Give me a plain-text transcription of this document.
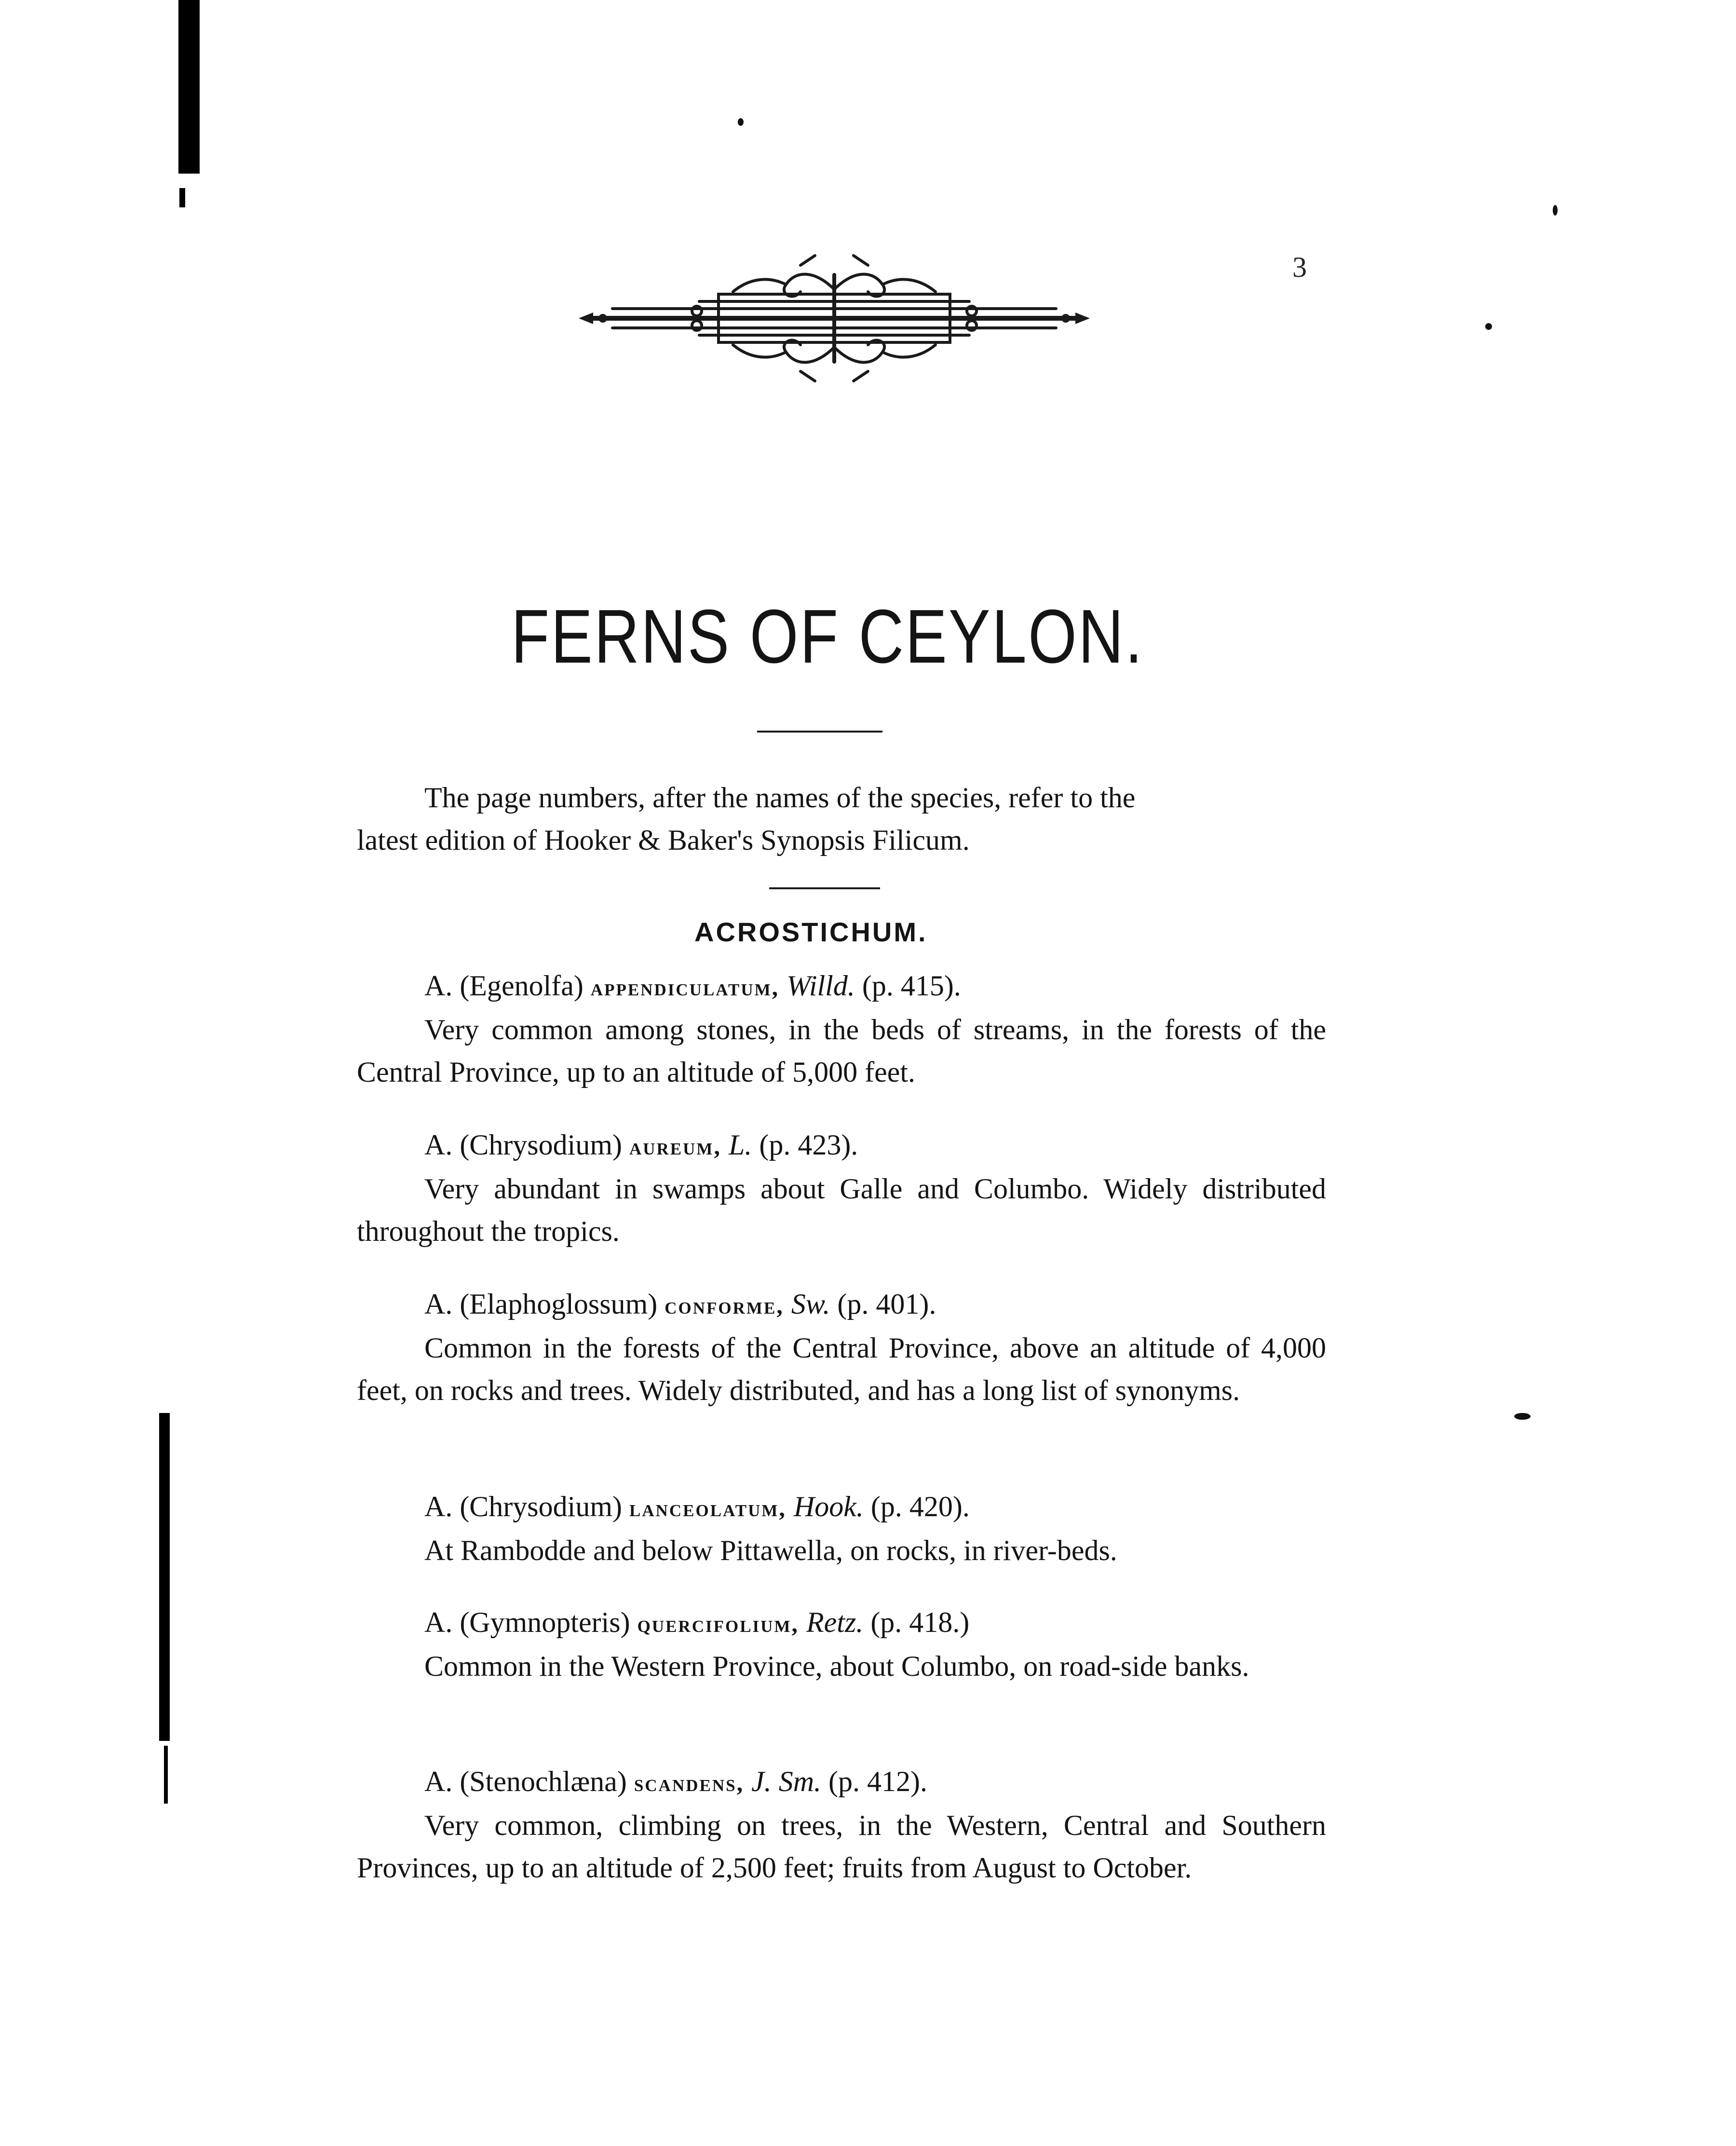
3
FERNS OF CEYLON.

The page numbers, after the names of the species, refer to the
latest edition of Hooker & Baker's Synopsis Filicum.

ACROSTICHUM.

A. (Egenolfa) appendiculatum, Willd. (p. 415).

Very common among stones, in the beds of streams, in the forests of the Central Province, up to an altitude of 5,000 feet.

A. (Chrysodium) aureum, L. (p. 423).

Very abundant in swamps about Galle and Columbo. Widely distributed throughout the tropics.

A. (Elaphoglossum) conforme, Sw. (p. 401).

Common in the forests of the Central Province, above an altitude of 4,000 feet, on rocks and trees. Widely distributed, and has a long list of synonyms.

A. (Chrysodium) lanceolatum, Hook. (p. 420).

At Rambodde and below Pittawella, on rocks, in river-beds.

A. (Gymnopteris) quercifolium, Retz. (p. 418.)

Common in the Western Province, about Columbo, on road-side banks.

A. (Stenochlæna) scandens, J. Sm. (p. 412).

Very common, climbing on trees, in the Western, Central and Southern Provinces, up to an altitude of 2,500 feet; fruits from August to October.
